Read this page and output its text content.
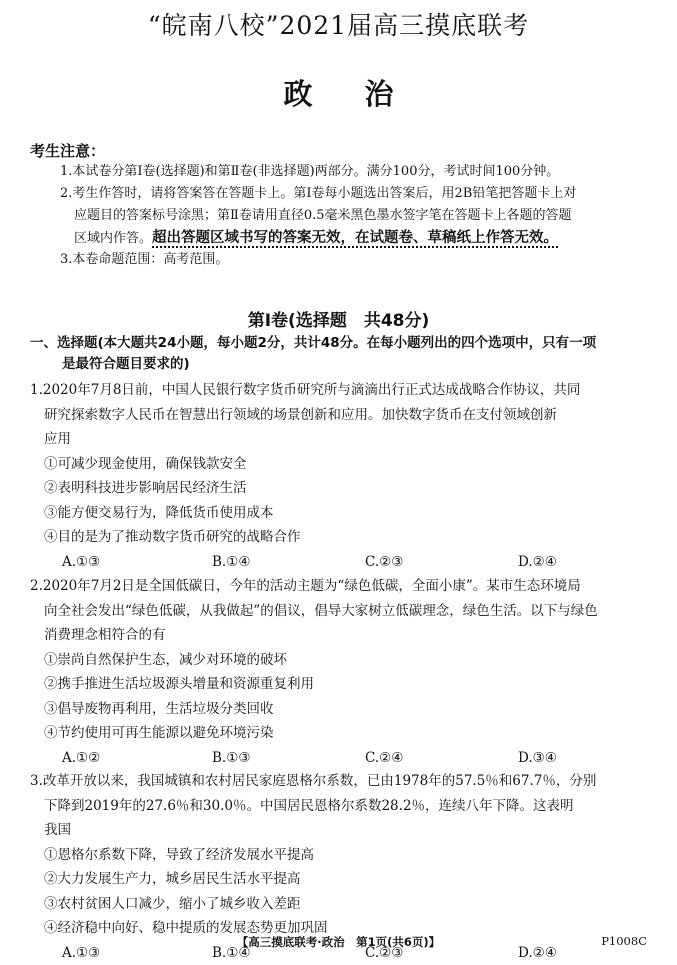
“皖南八校”2021届高三摸底联考
政治
考生注意：
1.本试卷分第Ⅰ卷(选择题)和第Ⅱ卷(非选择题)两部分。满分100分，考试时间100分钟。
2.考生作答时，请将答案答在答题卡上。第Ⅰ卷每小题选出答案后，用2B铅笔把答题卡上对
应题目的答案标号涂黑；第Ⅱ卷请用直径0.5毫米黑色墨水签字笔在答题卡上各题的答题
区域内作答。超出答题区域书写的答案无效，在试题卷、草稿纸上作答无效。
3.本卷命题范围：高考范围。
第Ⅰ卷(选择题　共48分)
一、选择题(本大题共24小题，每小题2分，共计48分。在每小题列出的四个选项中，只有一项
是最符合题目要求的)
1.2020年7月8日前，中国人民银行数字货币研究所与滴滴出行正式达成战略合作协议，共同
研究探索数字人民币在智慧出行领域的场景创新和应用。加快数字货币在支付领域创新
应用
①可减少现金使用，确保钱款安全
②表明科技进步影响居民经济生活
③能方便交易行为，降低货币使用成本
④目的是为了推动数字货币研究的战略合作
A.①③	B.①④	C.②③	D.②④
2.2020年7月2日是全国低碳日，今年的活动主题为“绿色低碳，全面小康”。某市生态环境局
向全社会发出“绿色低碳，从我做起”的倡议，倡导大家树立低碳理念，绿色生活。以下与绿色
消费理念相符合的有
①崇尚自然保护生态，减少对环境的破坏
②携手推进生活垃圾源头增量和资源重复利用
③倡导废物再利用，生活垃圾分类回收
④节约使用可再生能源以避免环境污染
A.①②	B.①③	C.②④	D.③④
3.改革开放以来，我国城镇和农村居民家庭恩格尔系数，已由1978年的57.5％和67.7％，分别
下降到2019年的27.6％和30.0％。中国居民恩格尔系数28.2％，连续八年下降。这表明
我国
①恩格尔系数下降，导致了经济发展水平提高
②大力发展生产力，城乡居民生活水平提高
③农村贫困人口减少，缩小了城乡收入差距
④经济稳中向好、稳中提质的发展态势更加巩固
A.①③	B.①④	C.②③	D.②④
【高三摸底联考·政治　第1页(共6页)】	P1008C
